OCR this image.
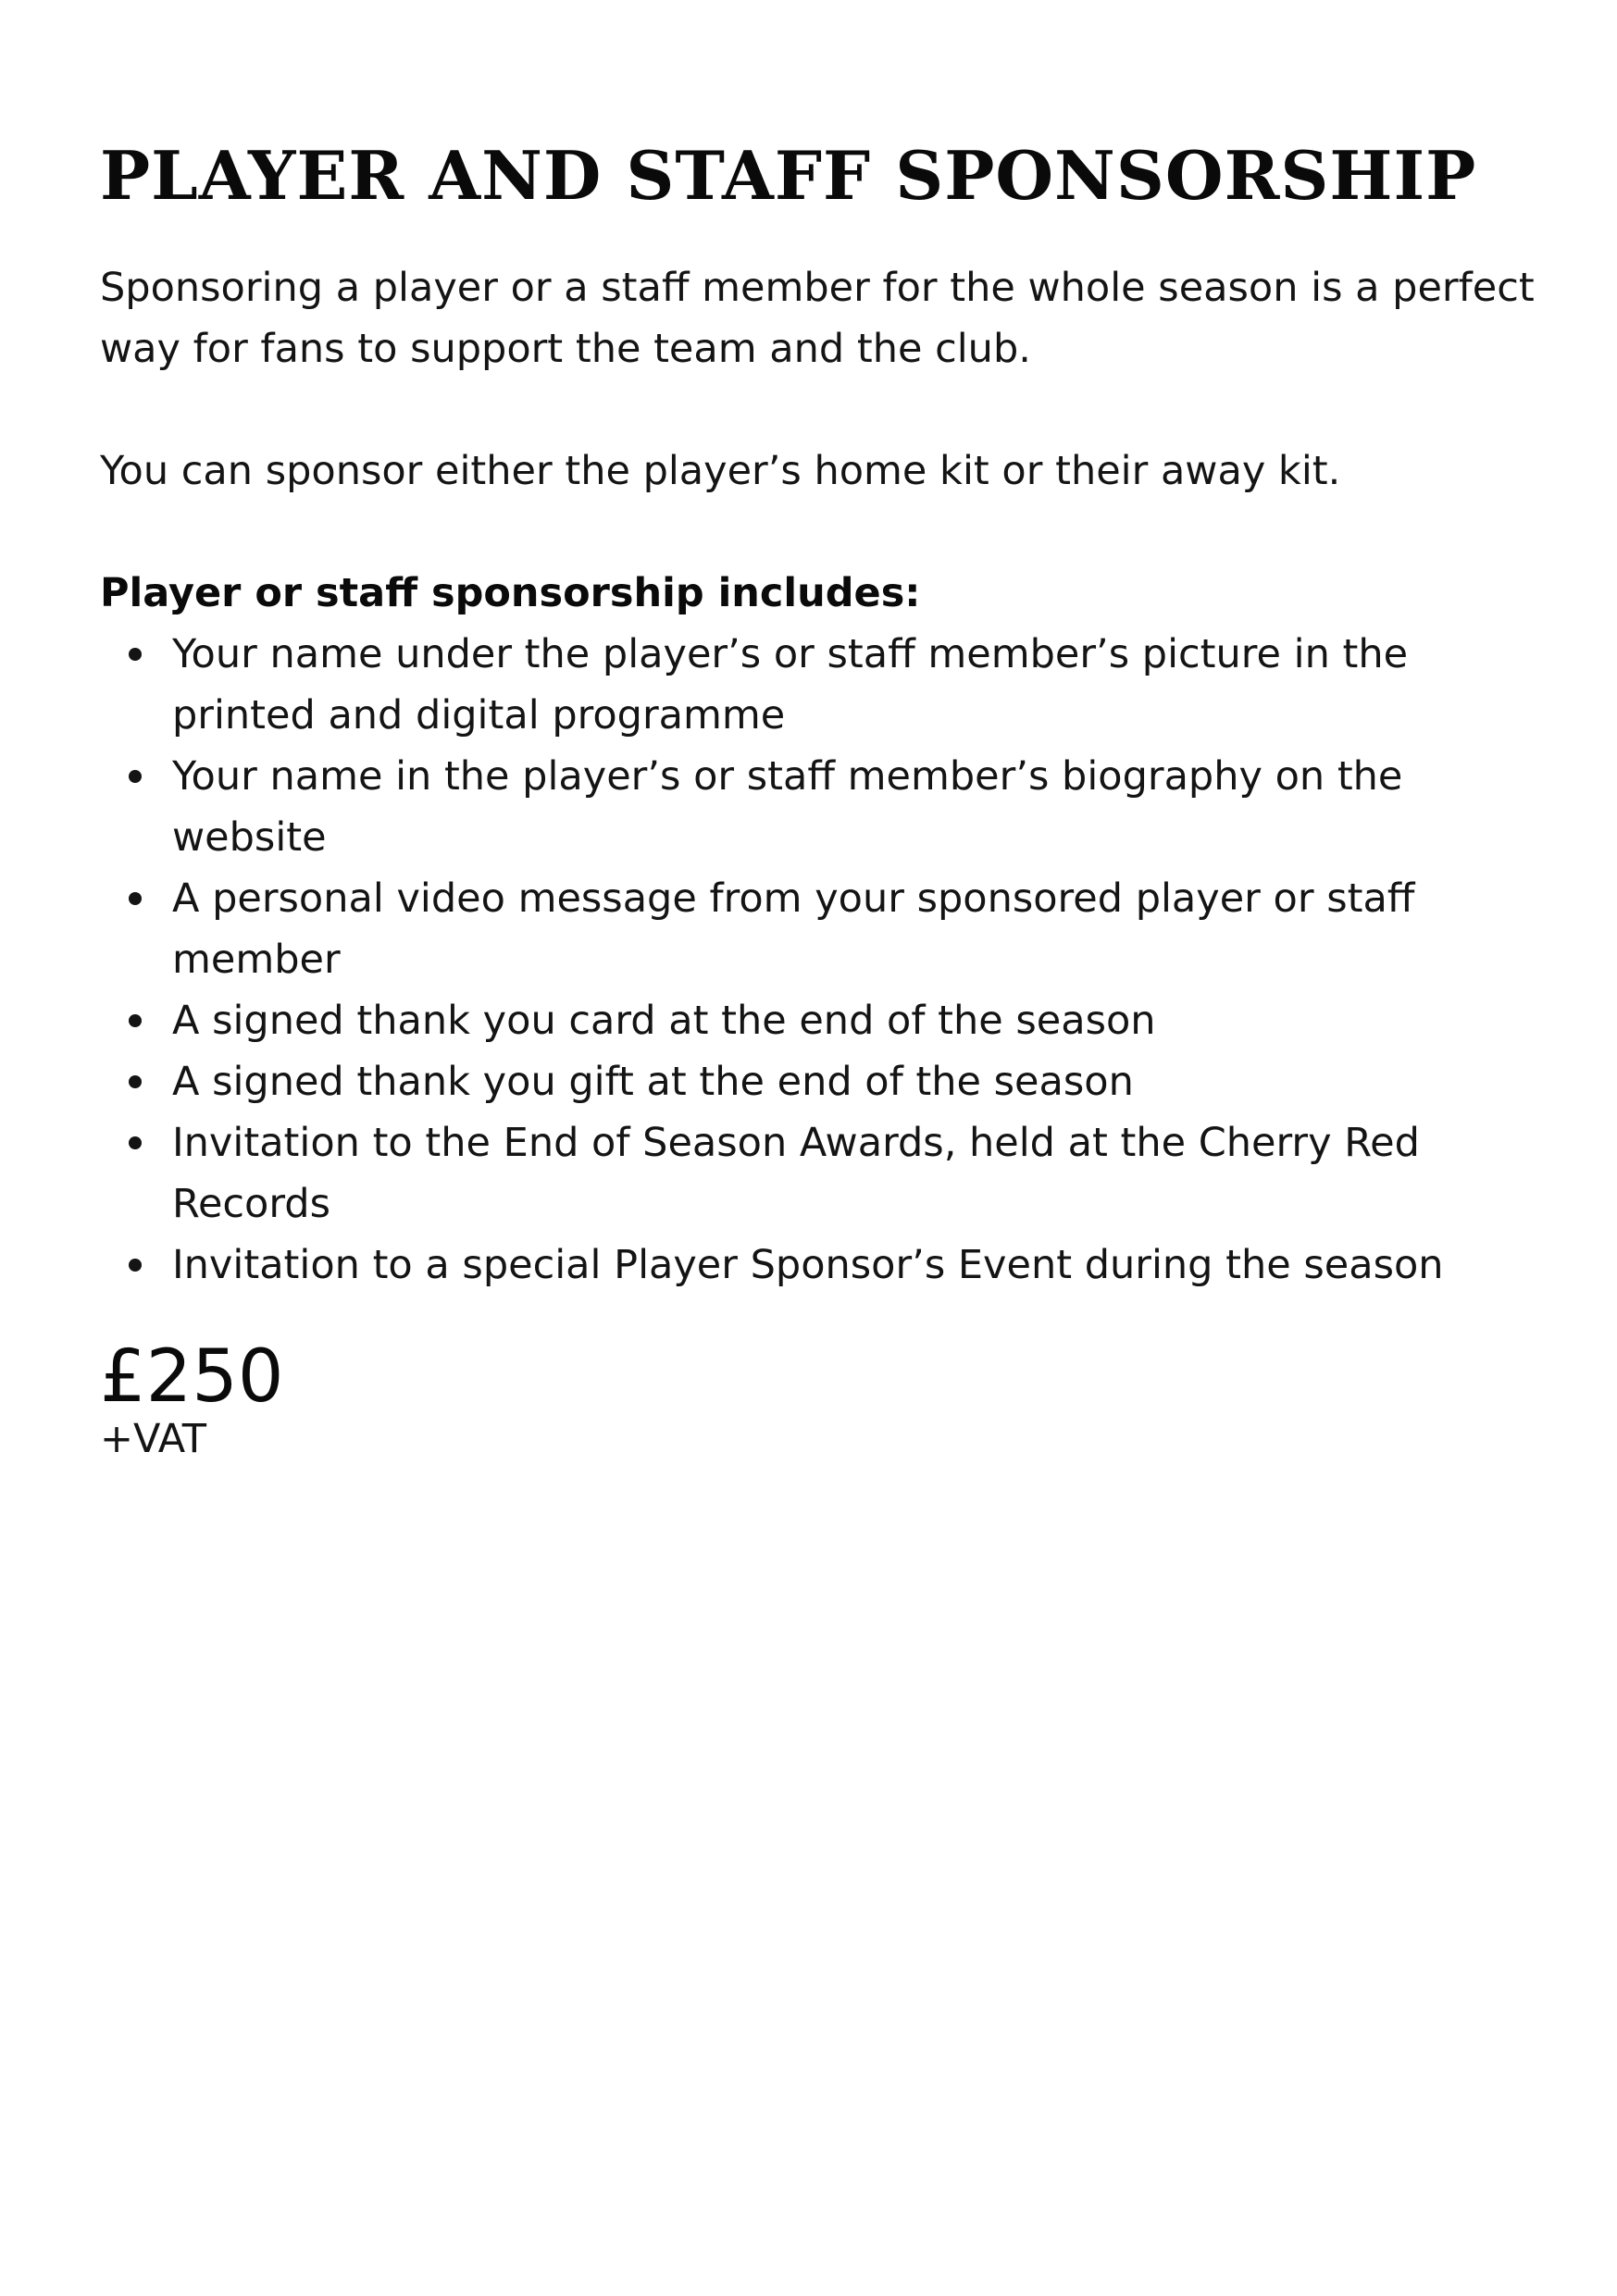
PLAYER AND STAFF SPONSORSHIP

Sponsoring a player or a staff member for the whole season is a perfect way for fans to support the team and the club.

You can sponsor either the player’s home kit or their away kit.

Player or staff sponsorship includes:

Your name under the player’s or staff member’s picture in the printed and digital programme
Your name in the player’s or staff member’s biography on the website
A personal video message from your sponsored player or staff member
A signed thank you card at the end of the season
A signed thank you gift at the end of the season
Invitation to the End of Season Awards, held at the Cherry Red Records
Invitation to a special Player Sponsor’s Event during the season

£250

+VAT
